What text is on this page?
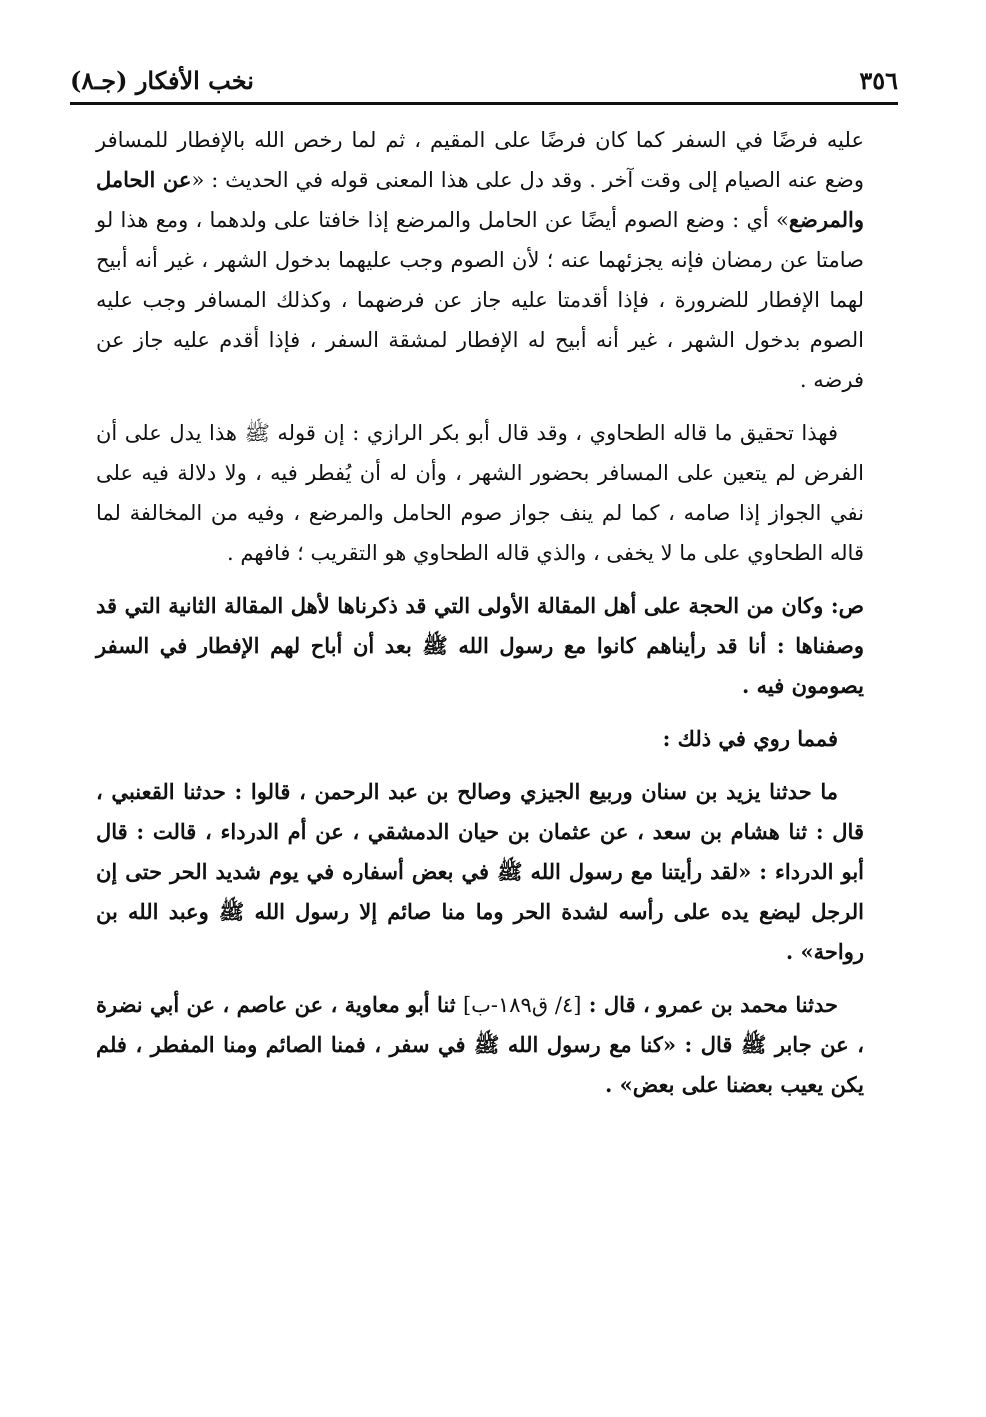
٣٥٦
نخب الأفكار (جـ٨)

عليه فرضًا في السفر كما كان فرضًا على المقيم ، ثم لما رخص الله بالإفطار للمسافر وضع عنه الصيام إلى وقت آخر . وقد دل على هذا المعنى قوله في الحديث : «عن الحامل والمرضع» أي : وضع الصوم أيضًا عن الحامل والمرضع إذا خافتا على ولدهما ، ومع هذا لو صامتا عن رمضان فإنه يجزئهما عنه ؛ لأن الصوم وجب عليهما بدخول الشهر ، غير أنه أبيح لهما الإفطار للضرورة ، فإذا أقدمتا عليه جاز عن فرضهما ، وكذلك المسافر وجب عليه الصوم بدخول الشهر ، غير أنه أبيح له الإفطار لمشقة السفر ، فإذا أقدم عليه جاز عن فرضه .

فهذا تحقيق ما قاله الطحاوي ، وقد قال أبو بكر الرازي : إن قوله ﷺ هذا يدل على أن الفرض لم يتعين على المسافر بحضور الشهر ، وأن له أن يُفطر فيه ، ولا دلالة فيه على نفي الجواز إذا صامه ، كما لم ينف جواز صوم الحامل والمرضع ، وفيه من المخالفة لما قاله الطحاوي على ما لا يخفى ، والذي قاله الطحاوي هو التقريب ؛ فافهم .

ص: وكان من الحجة على أهل المقالة الأولى التي قد ذكرناها لأهل المقالة الثانية التي قد وصفناها : أنا قد رأيناهم كانوا مع رسول الله ﷺ بعد أن أباح لهم الإفطار في السفر يصومون فيه .

فمما روي في ذلك :

ما حدثنا يزيد بن سنان وربيع الجيزي وصالح بن عبد الرحمن ، قالوا : حدثنا القعنبي ، قال : ثنا هشام بن سعد ، عن عثمان بن حيان الدمشقي ، عن أم الدرداء ، قالت : قال أبو الدرداء : «لقد رأيتنا مع رسول الله ﷺ في بعض أسفاره في يوم شديد الحر حتى إن الرجل ليضع يده على رأسه لشدة الحر وما منا صائم إلا رسول الله ﷺ وعبد الله بن رواحة» .

حدثنا محمد بن عمرو ، قال : [٤/ ق١٨٩-ب] ثنا أبو معاوية ، عن عاصم ، عن أبي نضرة ، عن جابر ﷺ قال : «كنا مع رسول الله ﷺ في سفر ، فمنا الصائم ومنا المفطر ، فلم يكن يعيب بعضنا على بعض» .
